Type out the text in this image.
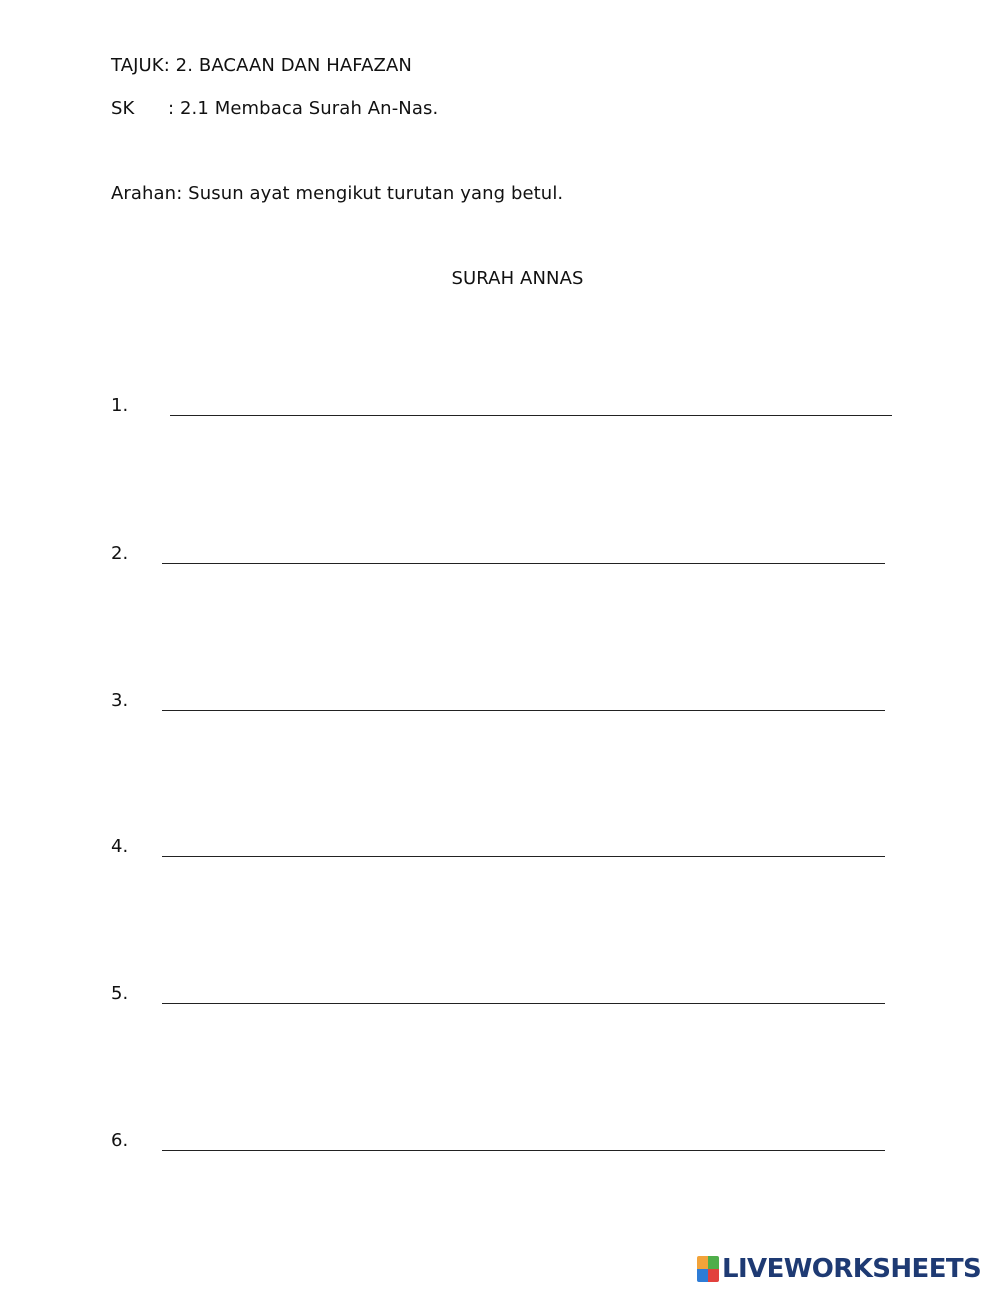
TAJUK: 2. BACAAN DAN HAFAZAN
SK : 2.1 Membaca Surah An-Nas.
Arahan: Susun ayat mengikut turutan yang betul.
SURAH ANNAS
1.
2.
3.
4.
5.
6.
LIVEWORKSHEETS
